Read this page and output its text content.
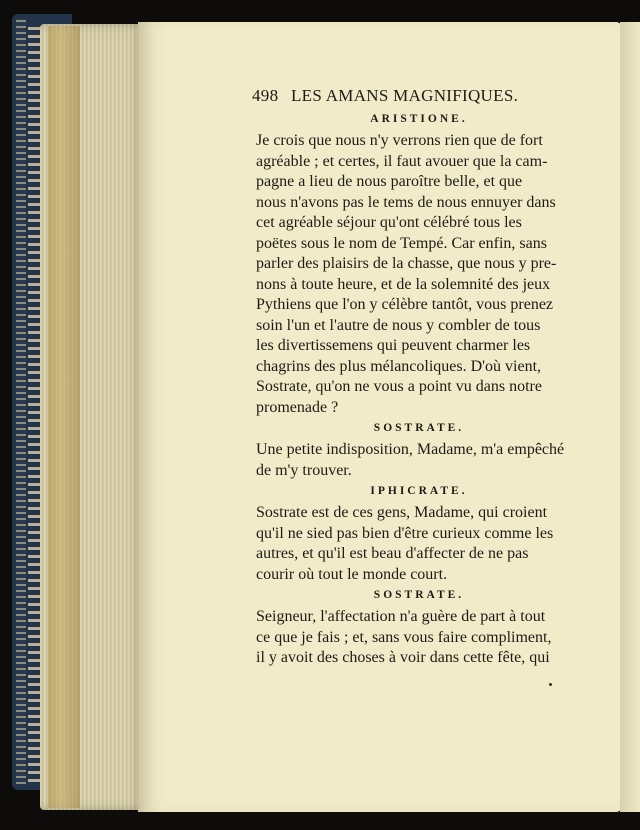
498 LES AMANS MAGNIFIQUES.
ARISTIONE.

Je crois que nous n'y verrons rien que de fort
agréable ; et certes, il faut avouer que la cam-
pagne a lieu de nous paroître belle, et que
nous n'avons pas le tems de nous ennuyer dans
cet agréable séjour qu'ont célébré tous les
poëtes sous le nom de Tempé. Car enfin, sans
parler des plaisirs de la chasse, que nous y pre-
nons à toute heure, et de la solemnité des jeux
Pythiens que l'on y célèbre tantôt, vous prenez
soin l'un et l'autre de nous y combler de tous
les divertissemens qui peuvent charmer les
chagrins des plus mélancoliques. D'où vient,
Sostrate, qu'on ne vous a point vu dans notre
promenade ?

SOSTRATE.

Une petite indisposition, Madame, m'a empêché
de m'y trouver.

IPHICRATE.

Sostrate est de ces gens, Madame, qui croient
qu'il ne sied pas bien d'être curieux comme les
autres, et qu'il est beau d'affecter de ne pas
courir où tout le monde court.

SOSTRATE.

Seigneur, l'affectation n'a guère de part à tout
ce que je fais ; et, sans vous faire compliment,
il y avoit des choses à voir dans cette fête, qui
